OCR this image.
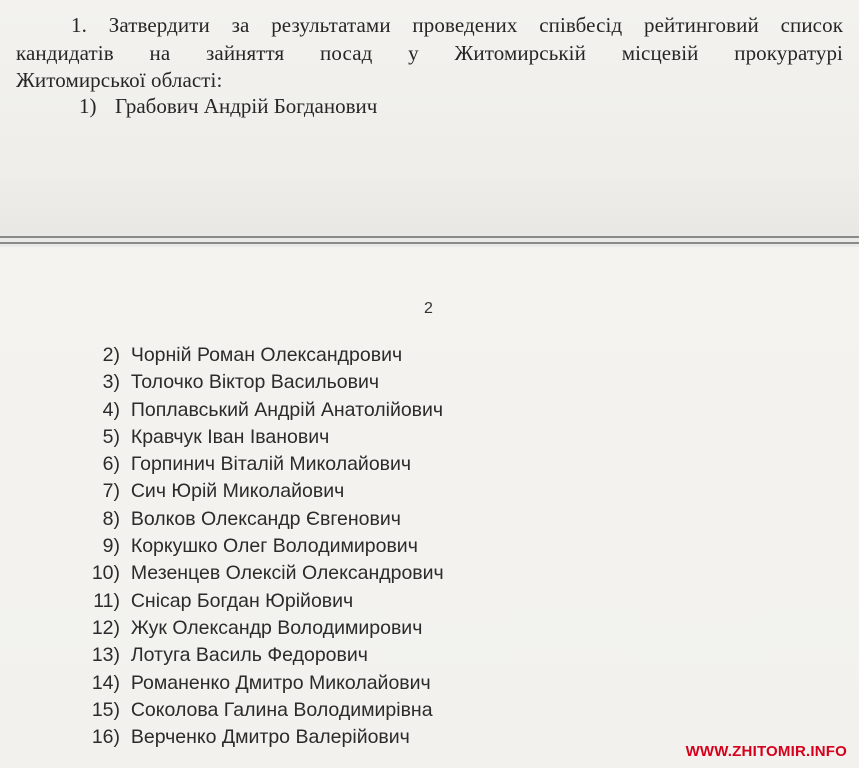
1. Затвердити за результатами проведених співбесід рейтинговий список
кандидатів на зайняття посад у Житомирській місцевій прокуратурі
Житомирської області:
1) Грабович Андрій Богданович
2
2)
Чорній Роман Олександрович
3)
Толочко Віктор Васильович
4)
Поплавський Андрій Анатолійович
5)
Кравчук Іван Іванович
6)
Горпинич Віталій Миколайович
7)
Сич Юрій Миколайович
8)
Волков Олександр Євгенович
9)
Коркушко Олег Володимирович
10)
Мезенцев Олексій Олександрович
11)
Снісар Богдан Юрійович
12)
Жук Олександр Володимирович
13)
Лотуга Василь Федорович
14)
Романенко Дмитро Миколайович
15)
Соколова Галина Володимирівна
16)
Верченко Дмитро Валерійович
WWW.ZHITOMIR.INFO
